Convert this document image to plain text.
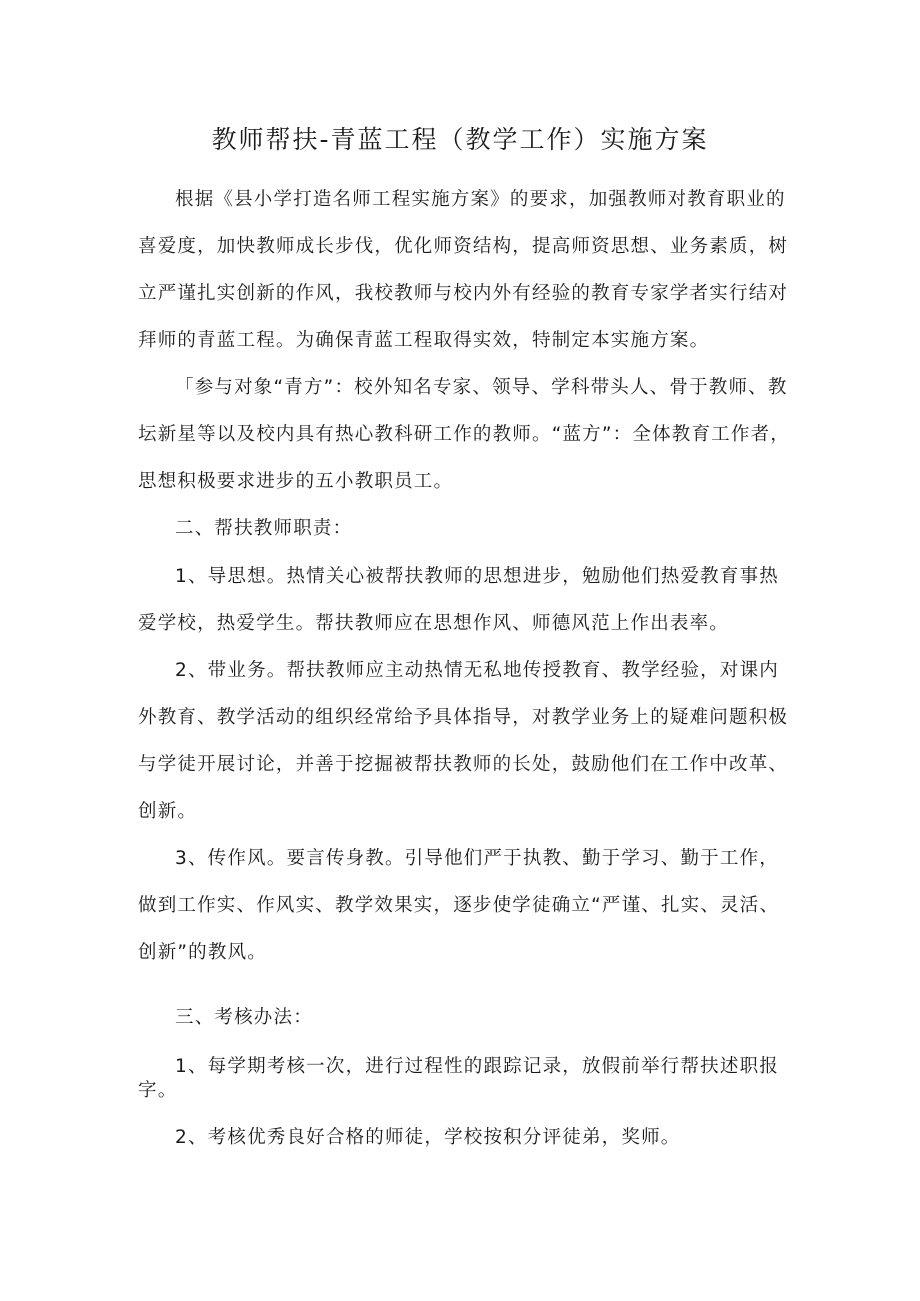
教师帮扶-青蓝工程（教学工作）实施方案

根据《县小学打造名师工程实施方案》的要求，加强教师对教育职业的喜爱度，加快教师成长步伐，优化师资结构，提高师资思想、业务素质，树立严谨扎实创新的作风，我校教师与校内外有经验的教育专家学者实行结对拜师的青蓝工程。为确保青蓝工程取得实效，特制定本实施方案。

「参与对象“青方”：校外知名专家、领导、学科带头人、骨于教师、教坛新星等以及校内具有热心教科研工作的教师。“蓝方”：全体教育工作者，思想积极要求进步的五小教职员工。

二、帮扶教师职责：

1、导思想。热情关心被帮扶教师的思想进步，勉励他们热爱教育事热爱学校，热爱学生。帮扶教师应在思想作风、师德风范上作出表率。

2、带业务。帮扶教师应主动热情无私地传授教育、教学经验，对课内外教育、教学活动的组织经常给予具体指导，对教学业务上的疑难问题积极与学徒开展讨论，并善于挖掘被帮扶教师的长处，鼓励他们在工作中改革、创新。

3、传作风。要言传身教。引导他们严于执教、勤于学习、勤于工作，做到工作实、作风实、教学效果实，逐步使学徒确立“严谨、扎实、灵活、创新”的教风。

三、考核办法：

1、每学期考核一次，进行过程性的跟踪记录，放假前举行帮扶述职报字。

2、考核优秀良好合格的师徒，学校按积分评徒弟，奖师。
